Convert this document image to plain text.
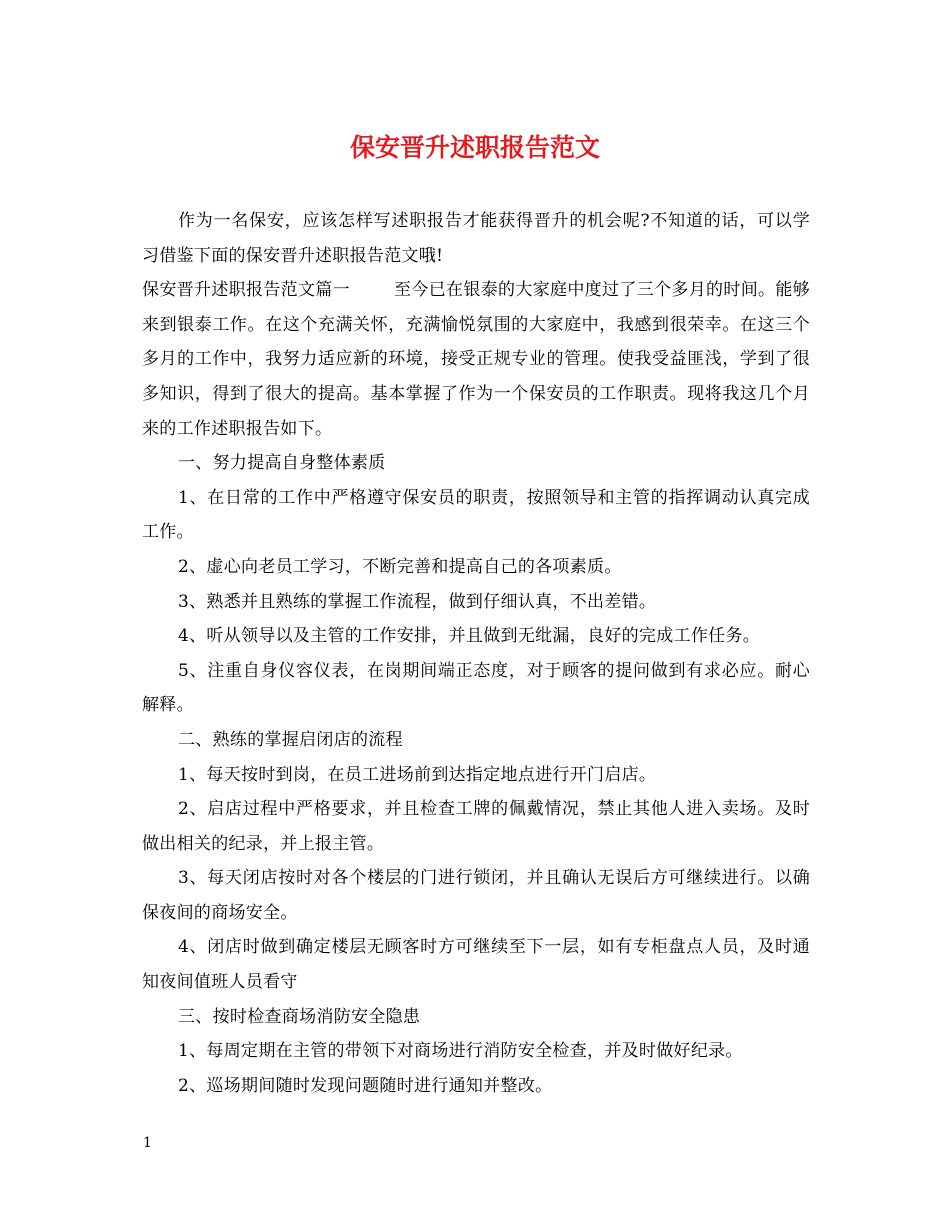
保安晋升述职报告范文

作为一名保安，应该怎样写述职报告才能获得晋升的机会呢?不知道的话，可以学习借鉴下面的保安晋升述职报告范文哦!

保安晋升述职报告范文篇一	至今已在银泰的大家庭中度过了三个多月的时间。能够来到银泰工作。在这个充满关怀，充满愉悦氛围的大家庭中，我感到很荣幸。在这三个多月的工作中，我努力适应新的环境，接受正规专业的管理。使我受益匪浅，学到了很多知识，得到了很大的提高。基本掌握了作为一个保安员的工作职责。现将我这几个月来的工作述职报告如下。

一、努力提高自身整体素质

1、在日常的工作中严格遵守保安员的职责，按照领导和主管的指挥调动认真完成工作。

2、虚心向老员工学习，不断完善和提高自己的各项素质。

3、熟悉并且熟练的掌握工作流程，做到仔细认真，不出差错。

4、听从领导以及主管的工作安排，并且做到无纰漏，良好的完成工作任务。

5、注重自身仪容仪表，在岗期间端正态度，对于顾客的提问做到有求必应。耐心解释。

二、熟练的掌握启闭店的流程

1、每天按时到岗，在员工进场前到达指定地点进行开门启店。

2、启店过程中严格要求，并且检查工牌的佩戴情况，禁止其他人进入卖场。及时做出相关的纪录，并上报主管。

3、每天闭店按时对各个楼层的门进行锁闭，并且确认无误后方可继续进行。以确保夜间的商场安全。

4、闭店时做到确定楼层无顾客时方可继续至下一层，如有专柜盘点人员，及时通知夜间值班人员看守

三、按时检查商场消防安全隐患

1、每周定期在主管的带领下对商场进行消防安全检查，并及时做好纪录。

2、巡场期间随时发现问题随时进行通知并整改。

1
